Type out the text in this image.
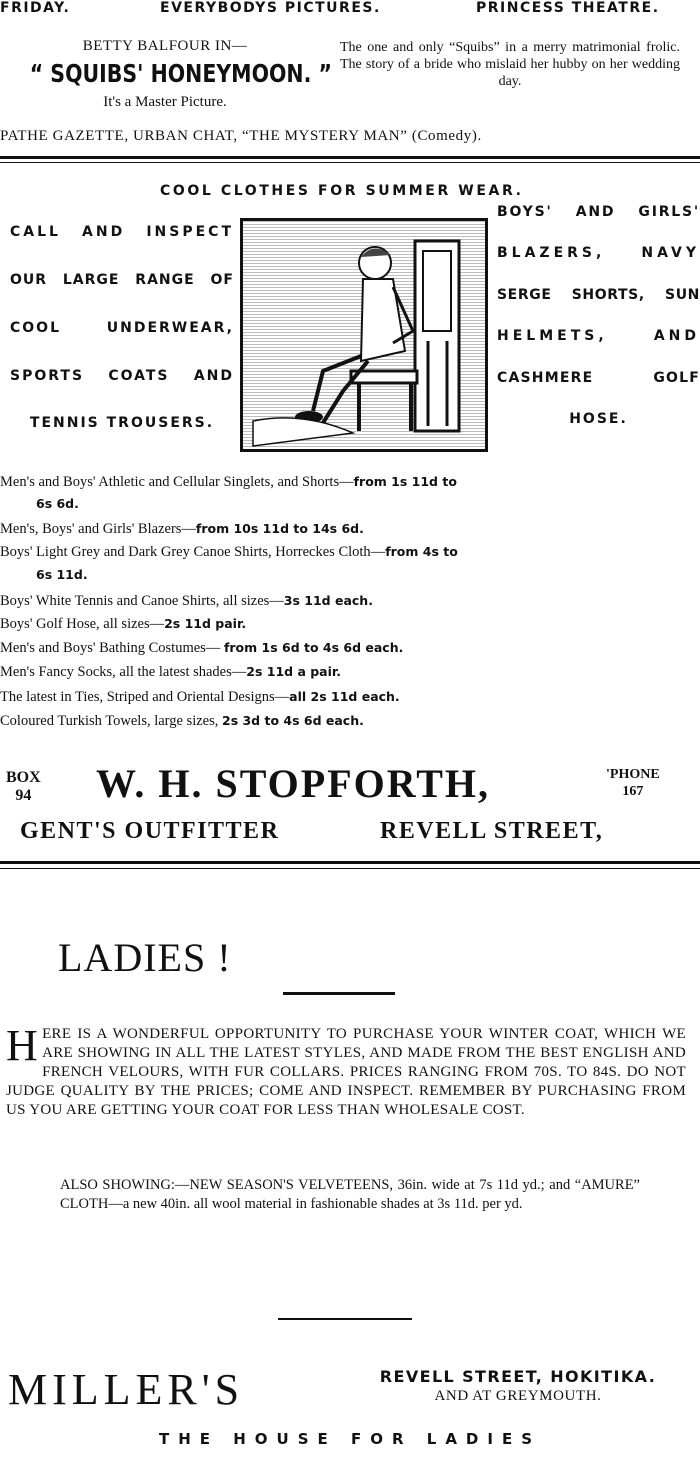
FRIDAY.	EVERYBODYS PICTURES.	PRINCESS THEATRE.
BETTY BALFOUR IN—
“ SQUIBS' HONEYMOON. ”
It's a Master Picture.
The one and only “Squibs” in a merry matrimonial frolic. The story of a bride who mislaid her hubby on her wedding day.
PATHE GAZETTE, URBAN CHAT, “THE MYSTERY MAN” (Comedy).
COOL CLOTHES FOR SUMMER WEAR.
CALL AND INSPECT
OUR LARGE RANGE OF
COOL UNDERWEAR,
SPORTS COATS AND
TENNIS TROUSERS.
BOYS' AND GIRLS'
BLAZERS, NAVY
SERGE SHORTS, SUN
HELMETS, AND
CASHMERE GOLF
HOSE.
Men's and Boys' Athletic and Cellular Singlets, and Shorts—from 1s 11d to
6s 6d.
Men's, Boys' and Girls' Blazers—from 10s 11d to 14s 6d.
Boys' Light Grey and Dark Grey Canoe Shirts, Horreckes Cloth—from 4s to
6s 11d.
Boys' White Tennis and Canoe Shirts, all sizes—3s 11d each.
Boys' Golf Hose, all sizes—2s 11d pair.
Men's and Boys' Bathing Costumes— from 1s 6d to 4s 6d each.
Men's Fancy Socks, all the latest shades—2s 11d a pair.
The latest in Ties, Striped and Oriental Designs—all 2s 11d each.
Coloured Turkish Towels, large sizes, 2s 3d to 4s 6d each.
BOX
94 W. H. STOPFORTH,	'PHONE
167
GENT'S OUTFITTER	REVELL STREET,
LADIES !
HERE IS A WONDERFUL OPPORTUNITY TO PURCHASE YOUR WINTER COAT, WHICH WE ARE SHOWING IN ALL THE LATEST STYLES, AND MADE FROM THE BEST ENGLISH AND FRENCH VELOURS, WITH FUR COLLARS. PRICES RANGING FROM 70S. TO 84S. DO NOT JUDGE QUALITY BY THE PRICES; COME AND INSPECT. REMEMBER BY PURCHASING FROM US YOU ARE GETTING YOUR COAT FOR LESS THAN WHOLESALE COST.
ALSO SHOWING:—NEW SEASON'S VELVETEENS, 36in. wide at 7s 11d yd.; and “AMURE” CLOTH—a new 40in. all wool material in fashionable shades at 3s 11d. per yd.
MILLER'S	REVELL STREET, HOKITIKA.
AND AT GREYMOUTH.
THE HOUSE FOR LADIES
